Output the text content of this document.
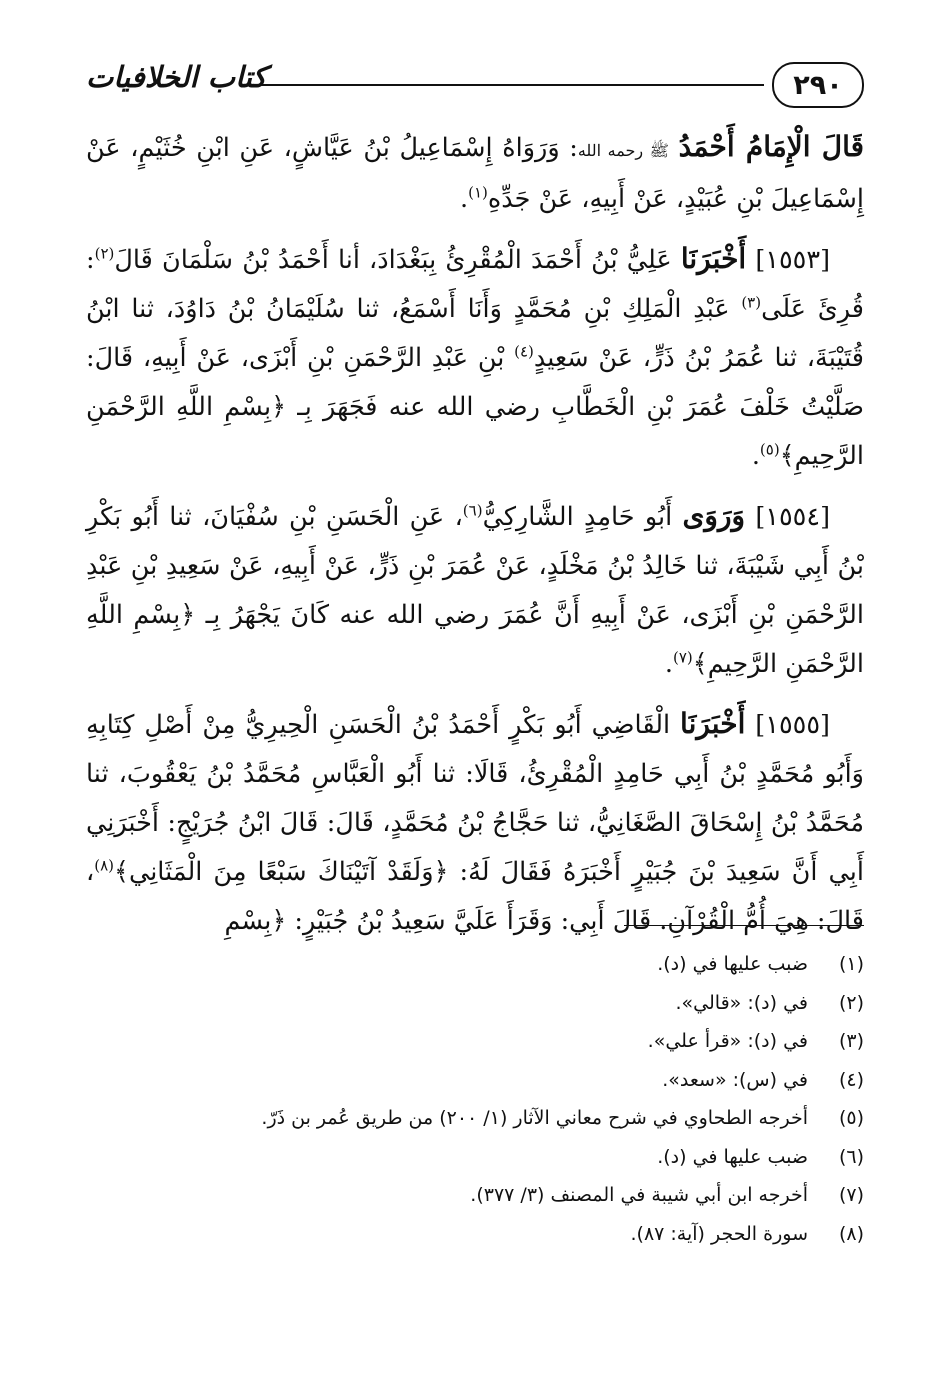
٢٩٠
كتاب الخلافيات

قَالَ الْإِمَامُ أَحْمَدُ ﷺ رحمه الله: وَرَوَاهُ إِسْمَاعِيلُ بْنُ عَيَّاشٍ، عَنِ ابْنِ خُثَيْمٍ، عَنْ إِسْمَاعِيلَ بْنِ عُبَيْدٍ، عَنْ أَبِيهِ، عَنْ جَدِّهِ$^{(١)}$.

[١٥٥٣] أَخْبَرَنَا عَلِيُّ بْنُ أَحْمَدَ الْمُقْرِئُ بِبَغْدَادَ، أنا أَحْمَدُ بْنُ سَلْمَانَ قَالَ$^{(٢)}$: قُرِئَ عَلَى$^{(٣)}$ عَبْدِ الْمَلِكِ بْنِ مُحَمَّدٍ وَأَنَا أَسْمَعُ، ثنا سُلَيْمَانُ بْنُ دَاوُدَ، ثنا ابْنُ قُتَيْبَةَ، ثنا عُمَرُ بْنُ ذَرٍّ، عَنْ سَعِيدٍ$^{(٤)}$ بْنِ عَبْدِ الرَّحْمَنِ بْنِ أَبْزَى، عَنْ أَبِيهِ، قَالَ: صَلَّيْتُ خَلْفَ عُمَرَ بْنِ الْخَطَّابِ رضي الله عنه فَجَهَرَ بِـ ﴿بِسْمِ اللَّهِ الرَّحْمَنِ الرَّحِيمِ﴾$^{(٥)}$.

[١٥٥٤] وَرَوَى أَبُو حَامِدٍ الشَّارِكِيُّ$^{(٦)}$، عَنِ الْحَسَنِ بْنِ سُفْيَانَ، ثنا أَبُو بَكْرِ بْنُ أَبِي شَيْبَةَ، ثنا خَالِدُ بْنُ مَخْلَدٍ، عَنْ عُمَرَ بْنِ ذَرٍّ، عَنْ أَبِيهِ، عَنْ سَعِيدِ بْنِ عَبْدِ الرَّحْمَنِ بْنِ أَبْزَى، عَنْ أَبِيهِ أَنَّ عُمَرَ رضي الله عنه كَانَ يَجْهَرُ بِـ ﴿بِسْمِ اللَّهِ الرَّحْمَنِ الرَّحِيمِ﴾$^{(٧)}$.

[١٥٥٥] أَخْبَرَنَا الْقَاضِي أَبُو بَكْرٍ أَحْمَدُ بْنُ الْحَسَنِ الْحِيرِيُّ مِنْ أَصْلِ كِتَابِهِ وَأَبُو مُحَمَّدٍ بْنُ أَبِي حَامِدٍ الْمُقْرِئُ، قَالَا: ثنا أَبُو الْعَبَّاسِ مُحَمَّدُ بْنُ يَعْقُوبَ، ثنا مُحَمَّدُ بْنُ إِسْحَاقَ الصَّغَانِيُّ، ثنا حَجَّاجُ بْنُ مُحَمَّدٍ، قَالَ: قَالَ ابْنُ جُرَيْجٍ: أَخْبَرَنِي أَبِي أَنَّ سَعِيدَ بْنَ جُبَيْرٍ أَخْبَرَهُ فَقَالَ لَهُ: ﴿وَلَقَدْ آتَيْنَاكَ سَبْعًا مِنَ الْمَثَانِي﴾$^{(٨)}$، قَالَ: هِيَ أُمُّ الْقُرْآنِ. قَالَ أَبِي: وَقَرَأَ عَلَيَّ سَعِيدُ بْنُ جُبَيْرٍ: ﴿بِسْمِ

(١)
ضبب عليها في (د).
(٢)
في (د): «قالي».
(٣)
في (د): «قرأ علي».
(٤)
في (س): «سعد».
(٥)
أخرجه الطحاوي في شرح معاني الآثار (١/ ٢٠٠) من طريق عُمر بن ذَرّ.
(٦)
ضبب عليها في (د).
(٧)
أخرجه ابن أبي شيبة في المصنف (٣/ ٣٧٧).
(٨)
سورة الحجر (آية: ٨٧).
